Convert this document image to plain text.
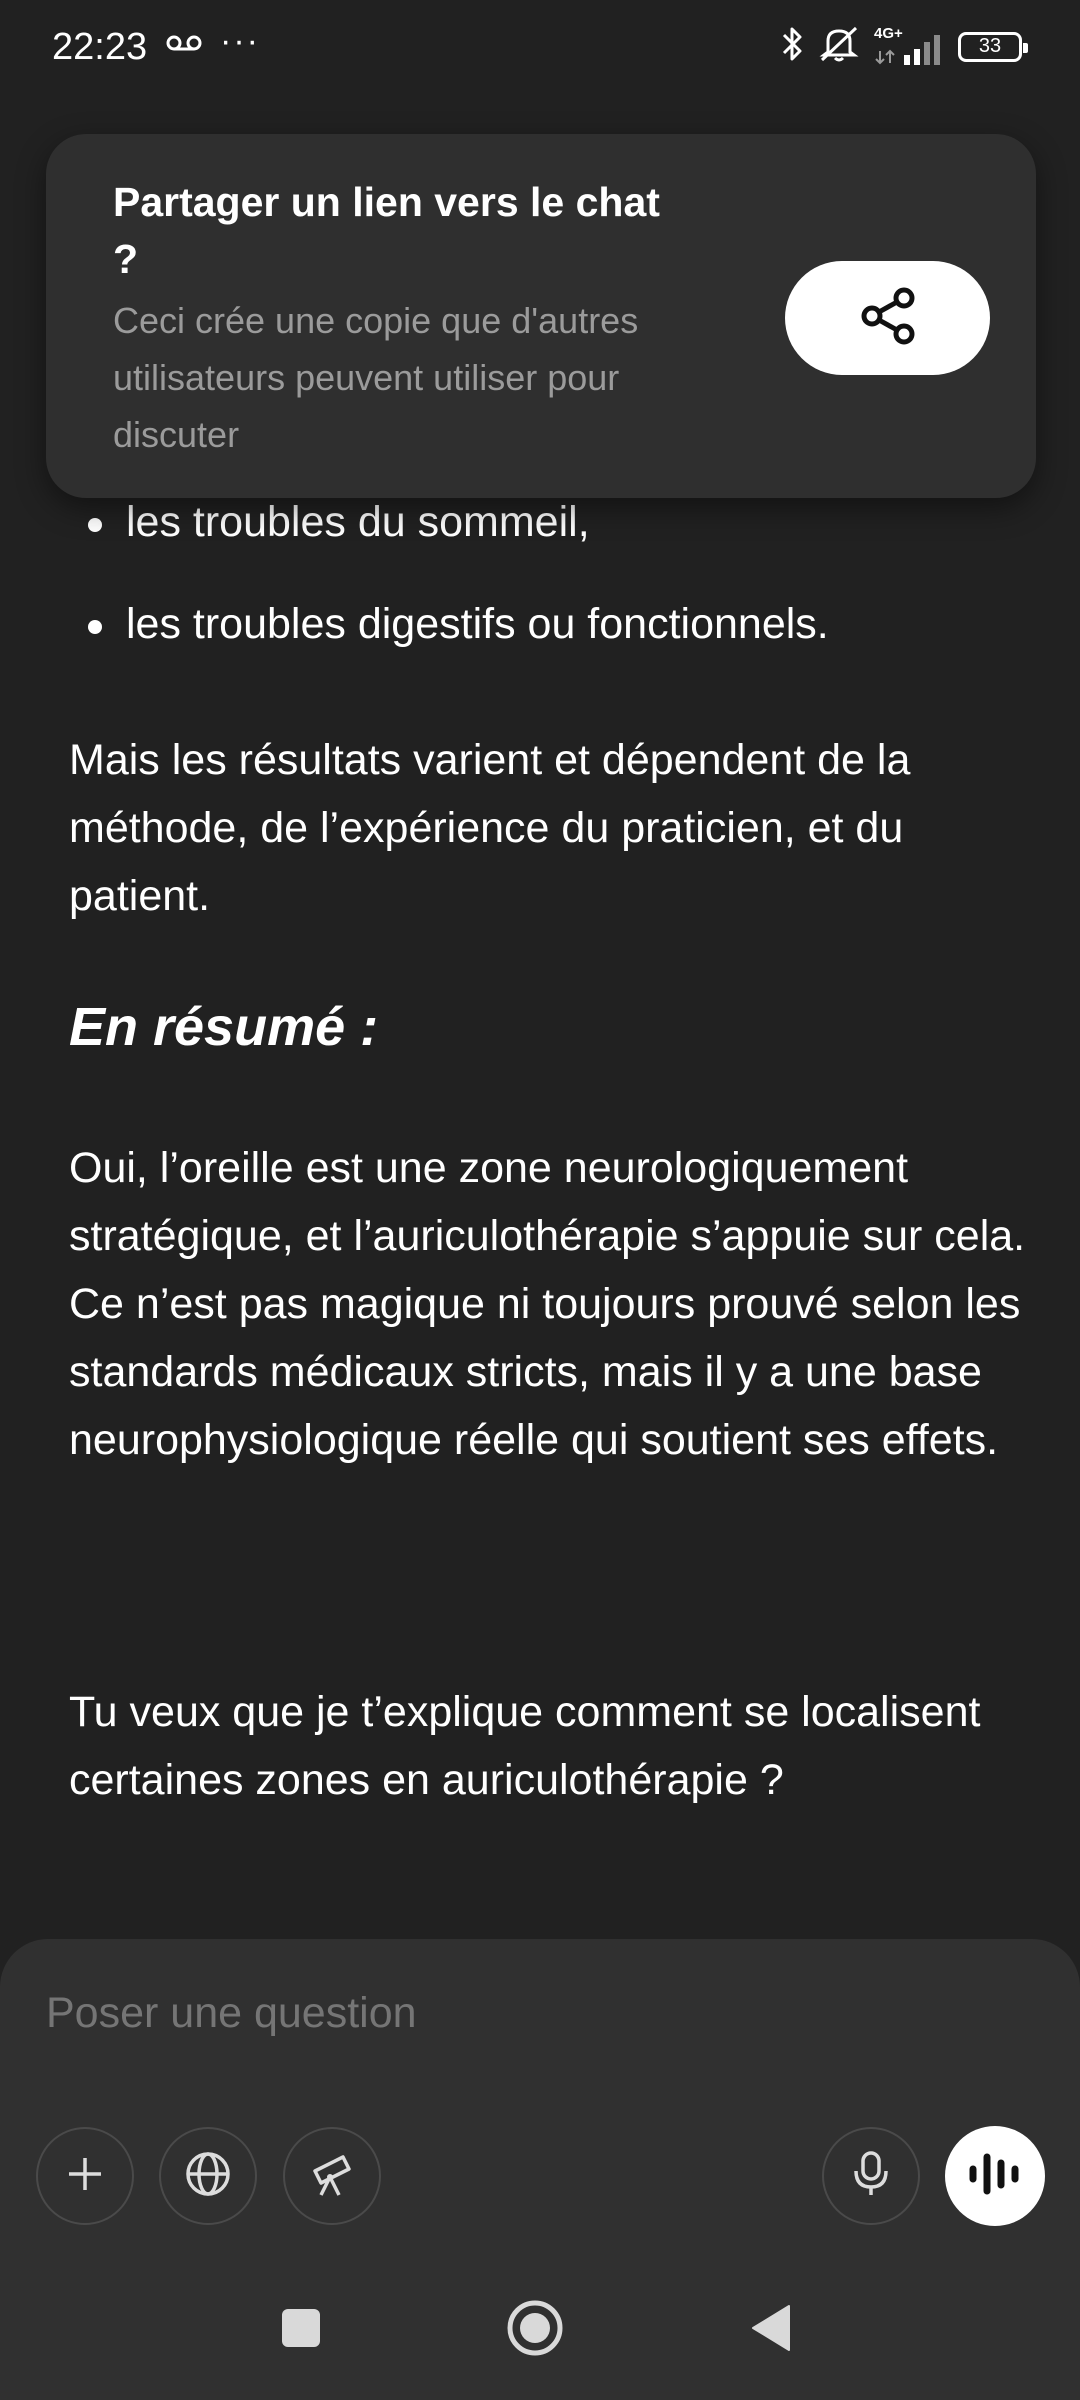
22:23 ···	4G+
33
les troubles du sommeil,
les troubles digestifs ou fonctionnels.
Mais les résultats varient et dépendent de la méthode, de l’expérience du praticien, et du patient.
En résumé :
Oui, l’oreille est une zone neurologiquement stratégique, et l’auriculothérapie s’appuie sur cela. Ce n’est pas magique ni toujours prouvé selon les standards médicaux stricts, mais il y a une base neurophysiologique réelle qui soutient ses effets.
Tu veux que je t’explique comment se localisent certaines zones en auriculothérapie ?
Partager un lien vers le chat ?
Ceci crée une copie que d'autres utilisateurs peuvent utiliser pour discuter
Poser une question
